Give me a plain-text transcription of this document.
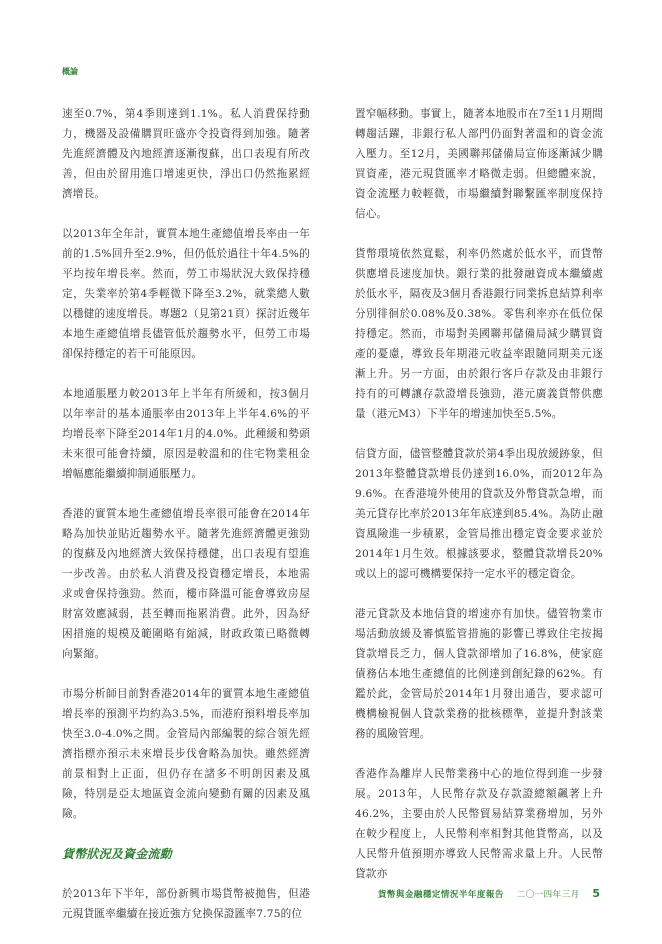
概論

速至0.7%，第4季則達到1.1%。私人消費保持動力，機器及設備購買旺盛亦令投資得到加強。隨著先進經濟體及內地經濟逐漸復蘇，出口表現有所改善，但由於留用進口增速更快，淨出口仍然拖累經濟增長。

以2013年全年計，實質本地生產總值增長率由一年前的1.5%回升至2.9%，但仍低於過往十年4.5%的平均按年增長率。然而，勞工市場狀況大致保持穩定，失業率於第4季輕微下降至3.2%，就業總人數以穩健的速度增長。專題2（見第21頁）探討近幾年本地生產總值增長儘管低於趨勢水平，但勞工市場卻保持穩定的若干可能原因。

本地通脹壓力較2013年上半年有所緩和，按3個月以年率計的基本通脹率由2013年上半年4.6%的平均增長率下降至2014年1月的4.0%。此種緩和勢頭未來很可能會持續，原因是較溫和的住宅物業租金增幅應能繼續抑制通脹壓力。

香港的實質本地生產總值增長率很可能會在2014年略為加快並貼近趨勢水平。隨著先進經濟體更強勁的復蘇及內地經濟大致保持穩健，出口表現有望進一步改善。由於私人消費及投資穩定增長，本地需求或會保持強勁。然而，樓市降溫可能會導致房屋財富效應減弱，甚至轉而拖累消費。此外，因為紓困措施的規模及範圍略有縮減，財政政策已略微轉向緊縮。

市場分析師目前對香港2014年的實質本地生產總值增長率的預測平均約為3.5%，而港府預料增長率加快至3.0-4.0%之間。金管局內部編製的綜合領先經濟指標亦預示未來增長步伐會略為加快。雖然經濟前景相對上正面，但仍存在諸多不明朗因素及風險，特別是亞太地區資金流向變動有關的因素及風險。

貨幣狀況及資金流動

於2013年下半年，部份新興市場貨幣被拋售，但港元現貨匯率繼續在接近強方兌換保證匯率7.75的位

置窄幅移動。事實上，隨著本地股市在7至11月期間轉趨活躍，非銀行私人部門仍面對著溫和的資金流入壓力。至12月，美國聯邦儲備局宣佈逐漸減少購買資產，港元現貨匯率才略微走弱。但總體來說，資金流壓力較輕微，市場繼續對聯繫匯率制度保持信心。

貨幣環境依然寬鬆，利率仍然處於低水平，而貨幣供應增長速度加快。銀行業的批發融資成本繼續處於低水平，隔夜及3個月香港銀行同業拆息結算利率分別徘徊於0.08%及0.38%。零售利率亦在低位保持穩定。然而，市場對美國聯邦儲備局減少購買資產的憂慮，導致長年期港元收益率跟隨同期美元逐漸上升。另一方面，由於銀行客戶存款及由非銀行持有的可轉讓存款證增長強勁，港元廣義貨幣供應量（港元M3）下半年的增速加快至5.5%。

信貸方面，儘管整體貸款於第4季出現放緩跡象，但2013年整體貸款增長仍達到16.0%，而2012年為9.6%。在香港境外使用的貸款及外幣貸款急增，而美元貸存比率於2013年年底達到85.4%。為防止融資風險進一步積累，金管局推出穩定資金要求並於2014年1月生效。根據該要求，整體貸款增長20%或以上的認可機構要保持一定水平的穩定資金。

港元貸款及本地信貸的增速亦有加快。儘管物業市場活動放緩及審慎監管措施的影響已導致住宅按揭貸款增長乏力，個人貸款卻增加了16.8%，使家庭債務佔本地生產總值的比例達到創紀錄的62%。有鑑於此，金管局於2014年1月發出通告，要求認可機構檢視個人貸款業務的批核標準，並提升對該業務的風險管理。

香港作為離岸人民幣業務中心的地位得到進一步發展。2013年，人民幣存款及存款證總額飆著上升46.2%，主要由於人民幣貿易結算業務增加，另外在較少程度上，人民幣利率相對其他貨幣高，以及人民幣升值預期亦導致人民幣需求量上升。人民幣貸款亦

貨幣與金融穩定情況半年度報告 二〇一四年三月 5
